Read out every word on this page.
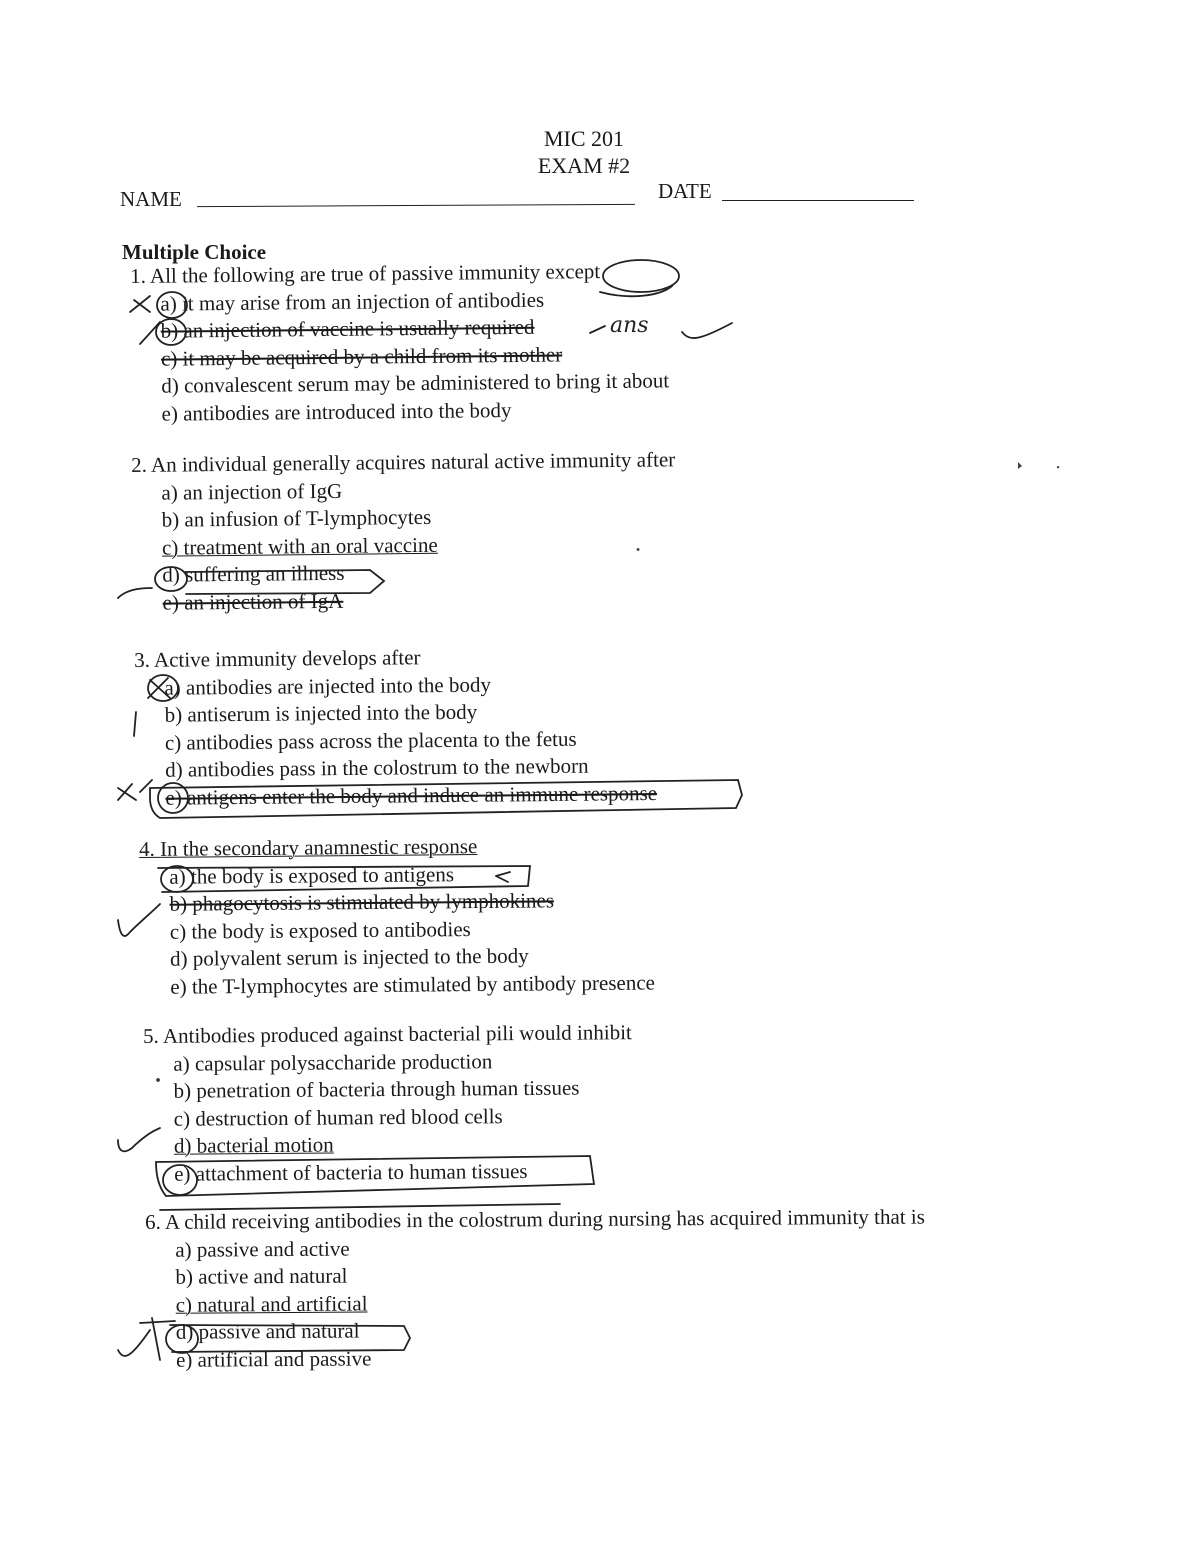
MIC 201
EXAM #2
NAME	DATE
Multiple Choice
1. All the following are true of passive immunity except
a) it may arise from an injection of antibodies
b) an injection of vaccine is usually required
c) it may be acquired by a child from its mother
d) convalescent serum may be administered to bring it about
e) antibodies are introduced into the body
2. An individual generally acquires natural active immunity after
a) an injection of IgG
b) an infusion of T-lymphocytes
c) treatment with an oral vaccine
d) suffering an illness
e) an injection of IgA
3. Active immunity develops after
a) antibodies are injected into the body
b) antiserum is injected into the body
c) antibodies pass across the placenta to the fetus
d) antibodies pass in the colostrum to the newborn
e) antigens enter the body and induce an immune response
4. In the secondary anamnestic response
a) the body is exposed to antigens
b) phagocytosis is stimulated by lymphokines
c) the body is exposed to antibodies
d) polyvalent serum is injected to the body
e) the T-lymphocytes are stimulated by antibody presence
5. Antibodies produced against bacterial pili would inhibit
a) capsular polysaccharide production
b) penetration of bacteria through human tissues
c) destruction of human red blood cells
d) bacterial motion
e) attachment of bacteria to human tissues
6. A child receiving antibodies in the colostrum during nursing has acquired immunity that is
a) passive and active
b) active and natural
c) natural and artificial
d) passive and natural
e) artificial and passive
ans
